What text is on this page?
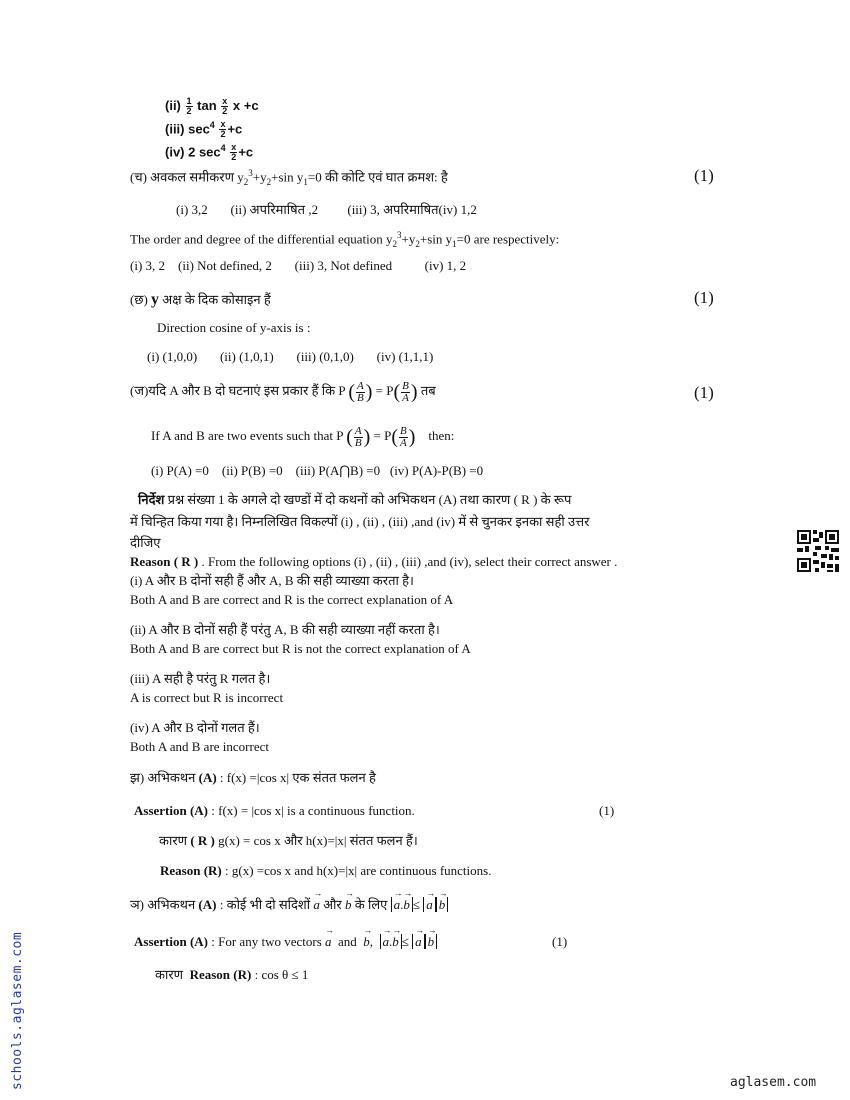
$(ii) \frac{1}{2}$ $\tan \frac{x}{2}$ x +c
(iii) $\sec^4 \frac{x}{2} +c$
(iv) 2 $\sec^4 \frac{x}{2} +c$
(च) अवकल समीकरण $y_2^3+y_2+\sin$ $y_1=0$ की कोटि एवं घात क्रमश: है	(1)
(i) 3,2 (ii) अपरिमाषित ,2 (iii) 3, अपरिमाषित(iv) 1,2
The order and degree of the differential equation $y_2^3+y_2+\sin$ $y_1=0$ are respectively:
(i) 3, 2 (ii) Not defined, 2 (iii) 3, Not defined	(iv) 1, 2
(छ) y अक्ष के दिक कोसाइन हैं	(1)
Direction cosine of y-axis is :
(i) (1,0,0) (ii) (1,0,1) (iii) (0,1,0) (iv) (1,1,1)
(ज)यदि A और B दो घटनाएं इस प्रकार हैं कि P ( $\frac{A}{B}$ ) = $P( \frac{B}{A}$ ) तब	(1)
If A and B are two events such that P ( $\frac{A}{B}$ ) = $P( \frac{B}{A}$ ) then:
(i) P(A) =0 (ii) P(B) =0 (iii) P(A⋂B) =0 (iv) P(A)-P(B) =0
निर्देश प्रश्न संख्या 1 के अगले दो खण्डों में दो कथनों को अभिकथन (A) तथा कारण ( R ) के रूप
में चिन्हित किया गया है। निम्नलिखित विकल्पों (i) , (ii) , (iii) ,and (iv) में से चुनकर इनका सही उत्तर
दीजिए
Reason ( R ) . From the following options (i) , (ii) , (iii) ,and (iv), select their correct answer .
(i) A और B दोनों सही हैं और A, B की सही व्याख्या करता है।
Both A and B are correct and R is the correct explanation of A
(ii) A और B दोनों सही हैं परंतु A, B की सही व्याख्या नहीं करता है।
Both A and B are correct but R is not the correct explanation of A
(iii) A सही है परंतु R गलत है।
A is correct but R is incorrect
(iv) A और B दोनों गलत हैं।
Both A and B are incorrect
झ) अभिकथन (A) : f(x) =|cos x| एक संतत फलन है
Assertion (A) : f(x) = |cos x| is a continuous function.	(1)
कारण ( R ) g(x) = cos x और h(x)=|x| संतत फलन हैं।
Reason (R) : g(x) =cos x and h(x)=|x| are continuous functions.
ञ) अभिकथन (A) : कोई भी दो सदिशों → a और → b के लिए → a.→ b ≤ → a → b
Assertion (A) : For any two vectors → a and → b, → a.→ b ≤ → a → b	(1)
कारण Reason (R) : cos θ ≤ 1
schools.aglasem.com	aglasem.com
